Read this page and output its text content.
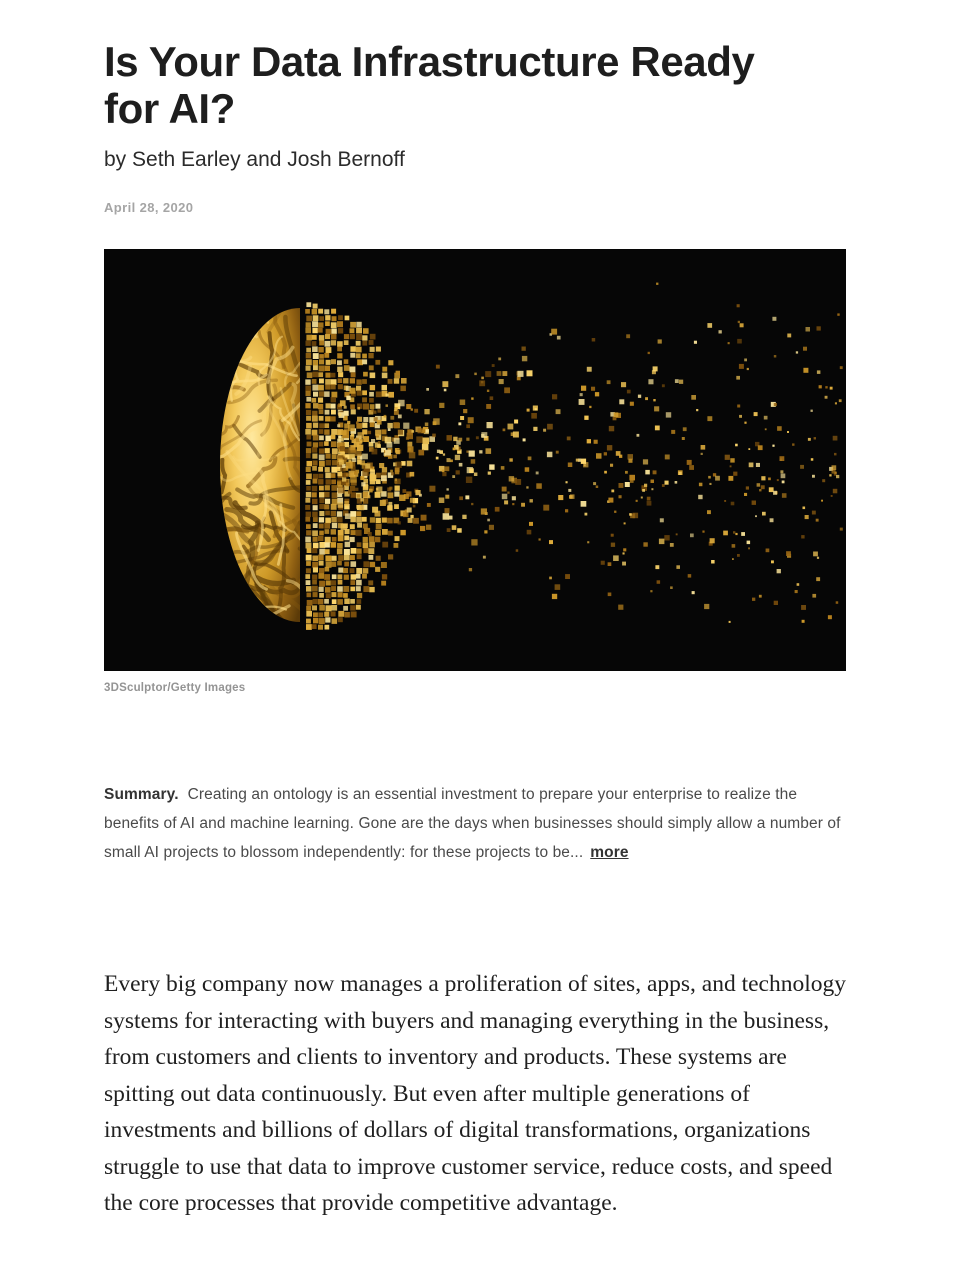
Is Your Data Infrastructure Ready for AI?
by Seth Earley and Josh Bernoff
April 28, 2020
3DSculptor/Getty Images

Summary. Creating an ontology is an essential investment to prepare your enterprise to realize the benefits of AI and machine learning. Gone are the days when businesses should simply allow a number of small AI projects to blossom independently: for these projects to be... more

Every big company now manages a proliferation of sites, apps, and technology systems for interacting with buyers and managing everything in the business, from customers and clients to inventory and products. These systems are spitting out data continuously. But even after multiple generations of investments and billions of dollars of digital transformations, organizations struggle to use that data to improve customer service, reduce costs, and speed the core processes that provide competitive advantage.
